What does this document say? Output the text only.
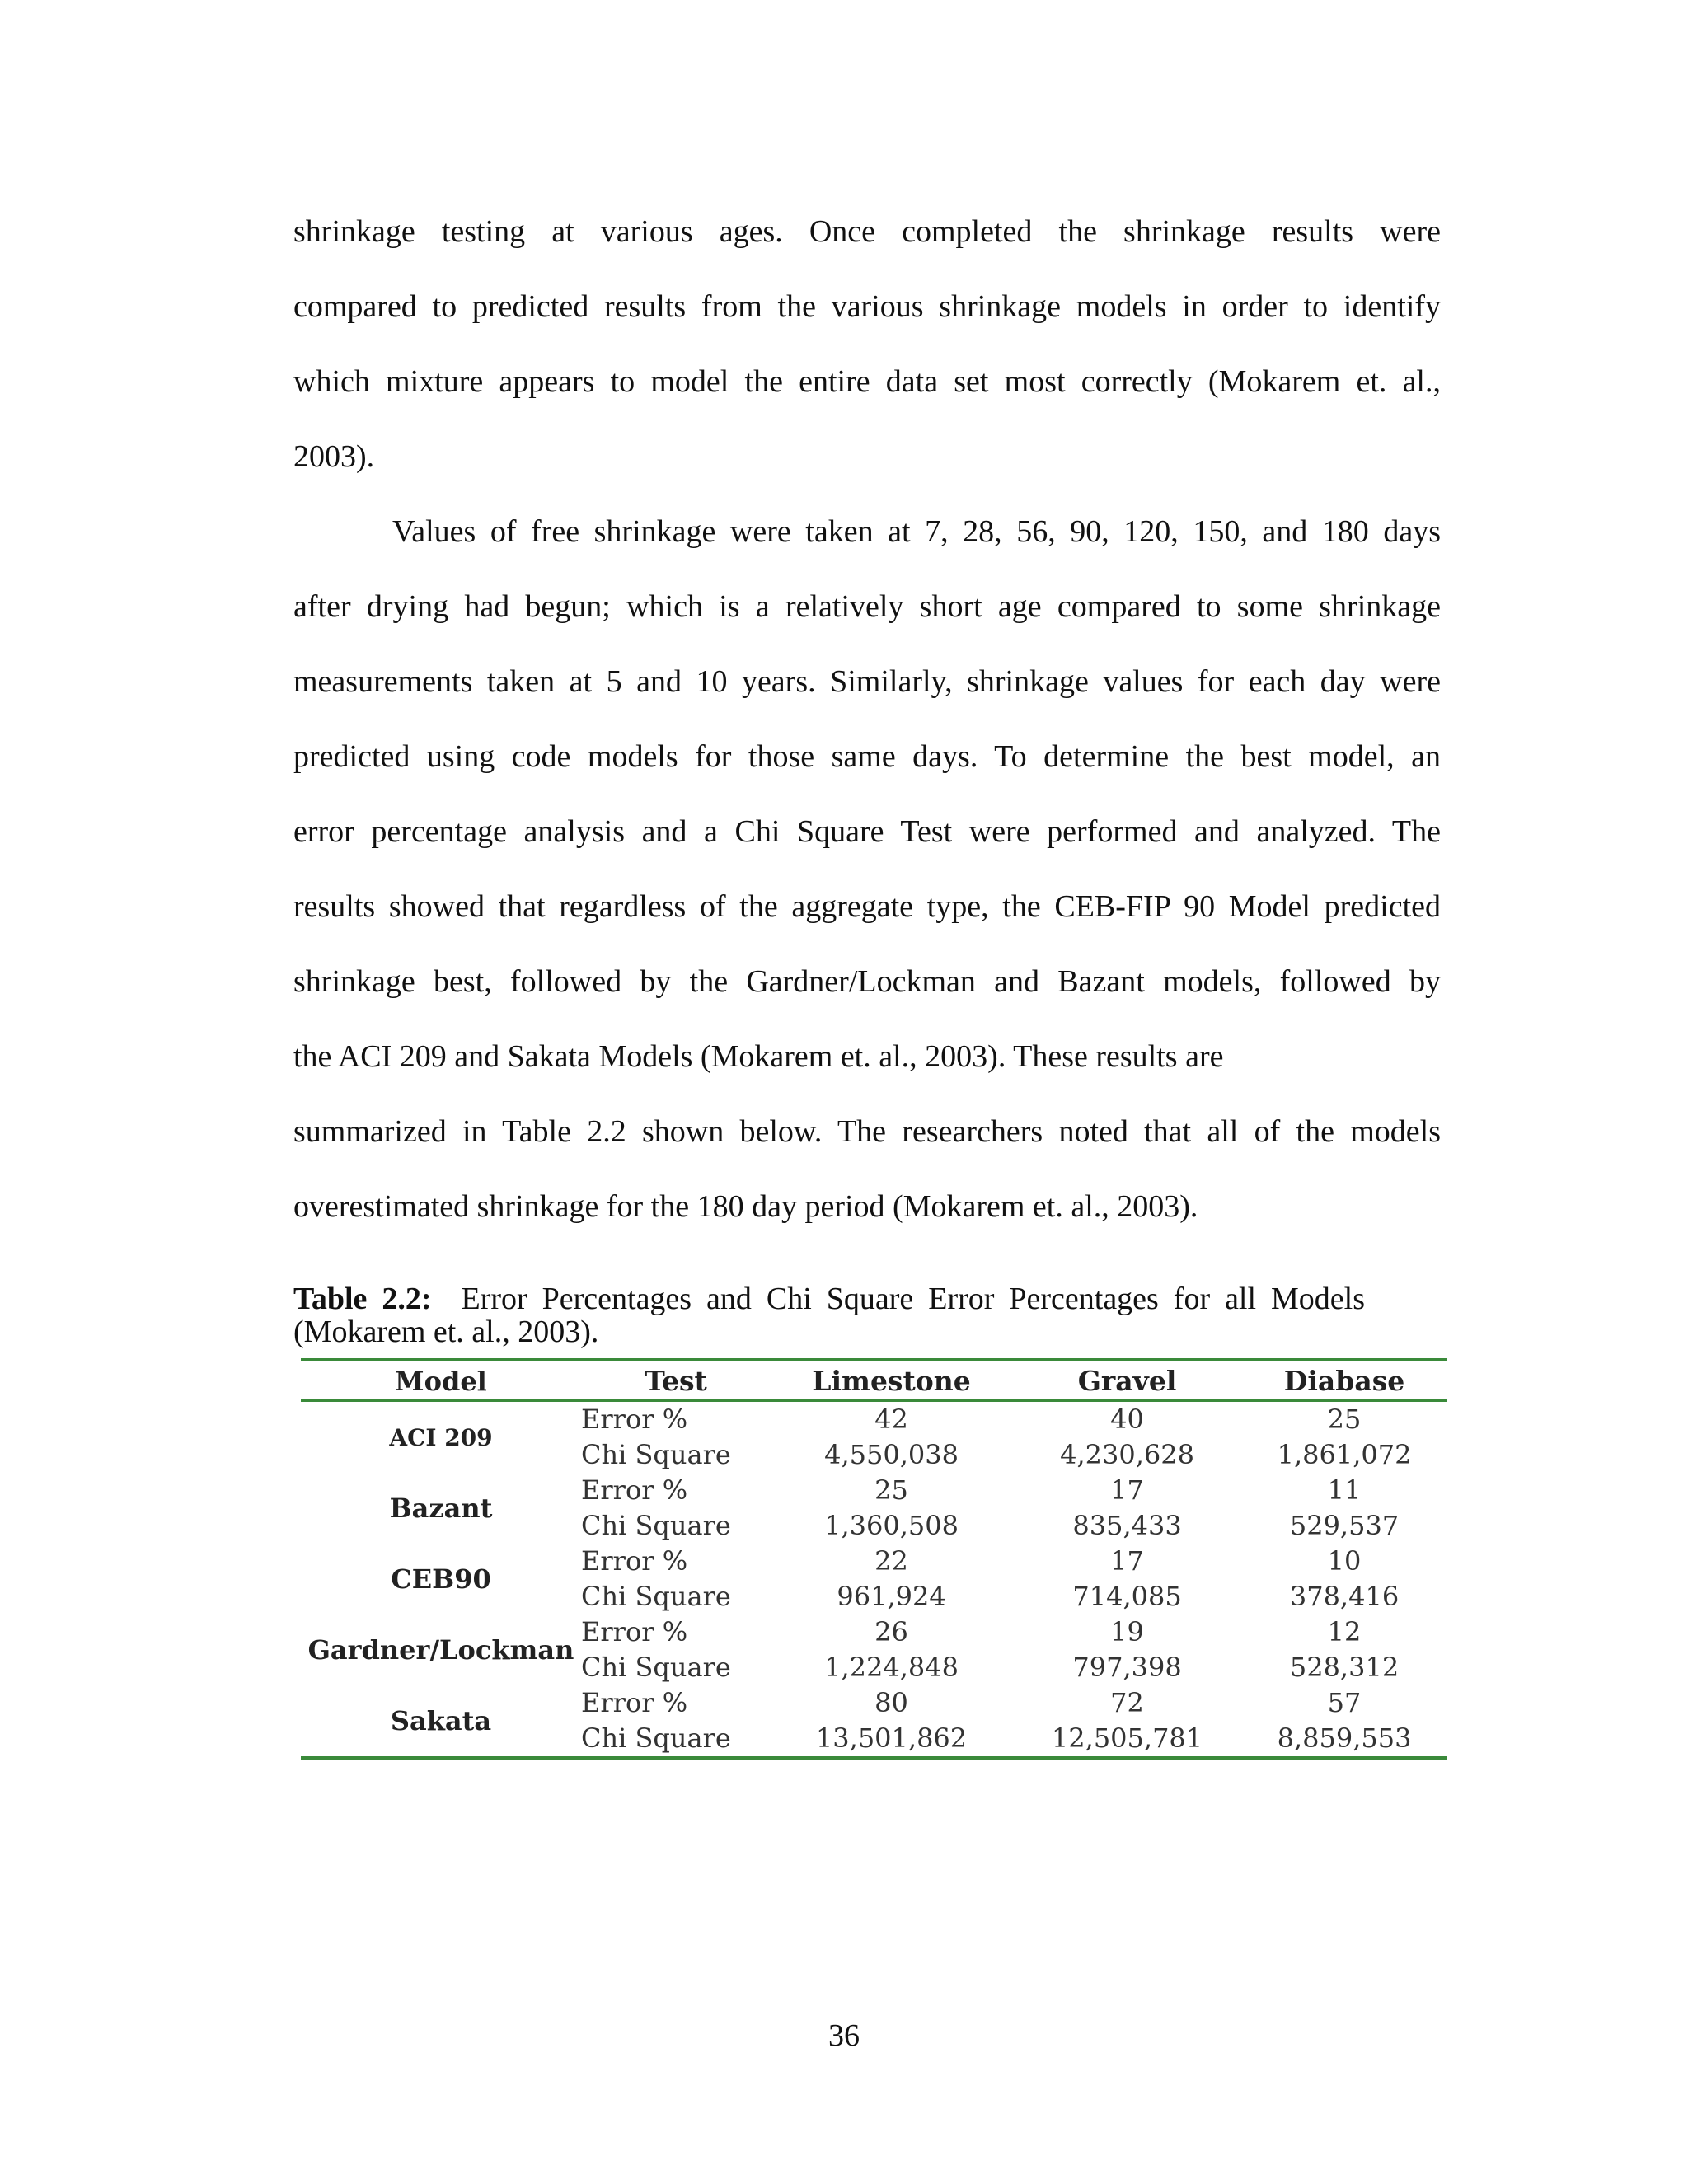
shrinkage testing at various ages. Once completed the shrinkage results were
compared to predicted results from the various shrinkage models in order to identify
which mixture appears to model the entire data set most correctly (Mokarem et. al.,
2003).
Values of free shrinkage were taken at 7, 28, 56, 90, 120, 150, and 180 days
after drying had begun; which is a relatively short age compared to some shrinkage
measurements taken at 5 and 10 years. Similarly, shrinkage values for each day were
predicted using code models for those same days. To determine the best model, an
error percentage analysis and a Chi Square Test were performed and analyzed. The
results showed that regardless of the aggregate type, the CEB-FIP 90 Model predicted
shrinkage best, followed by the Gardner/Lockman and Bazant models, followed by
the ACI 209 and Sakata Models (Mokarem et. al., 2003). These results are
summarized in Table 2.2 shown below. The researchers noted that all of the models
overestimated shrinkage for the 180 day period (Mokarem et. al., 2003).
Table 2.2: Error Percentages and Chi Square Error Percentages for all Models
(Mokarem et. al., 2003).
Model	Test	Limestone	Gravel	Diabase
ACI 209	Error %	42	40	25
	Chi Square	4,550,038	4,230,628	1,861,072
Bazant	Error %	25	17	11
	Chi Square	1,360,508	835,433	529,537
CEB90	Error %	22	17	10
	Chi Square	961,924	714,085	378,416
Gardner/Lockman	Error %	26	19	12
	Chi Square	1,224,848	797,398	528,312
Sakata	Error %	80	72	57
	Chi Square	13,501,862	12,505,781	8,859,553
36
